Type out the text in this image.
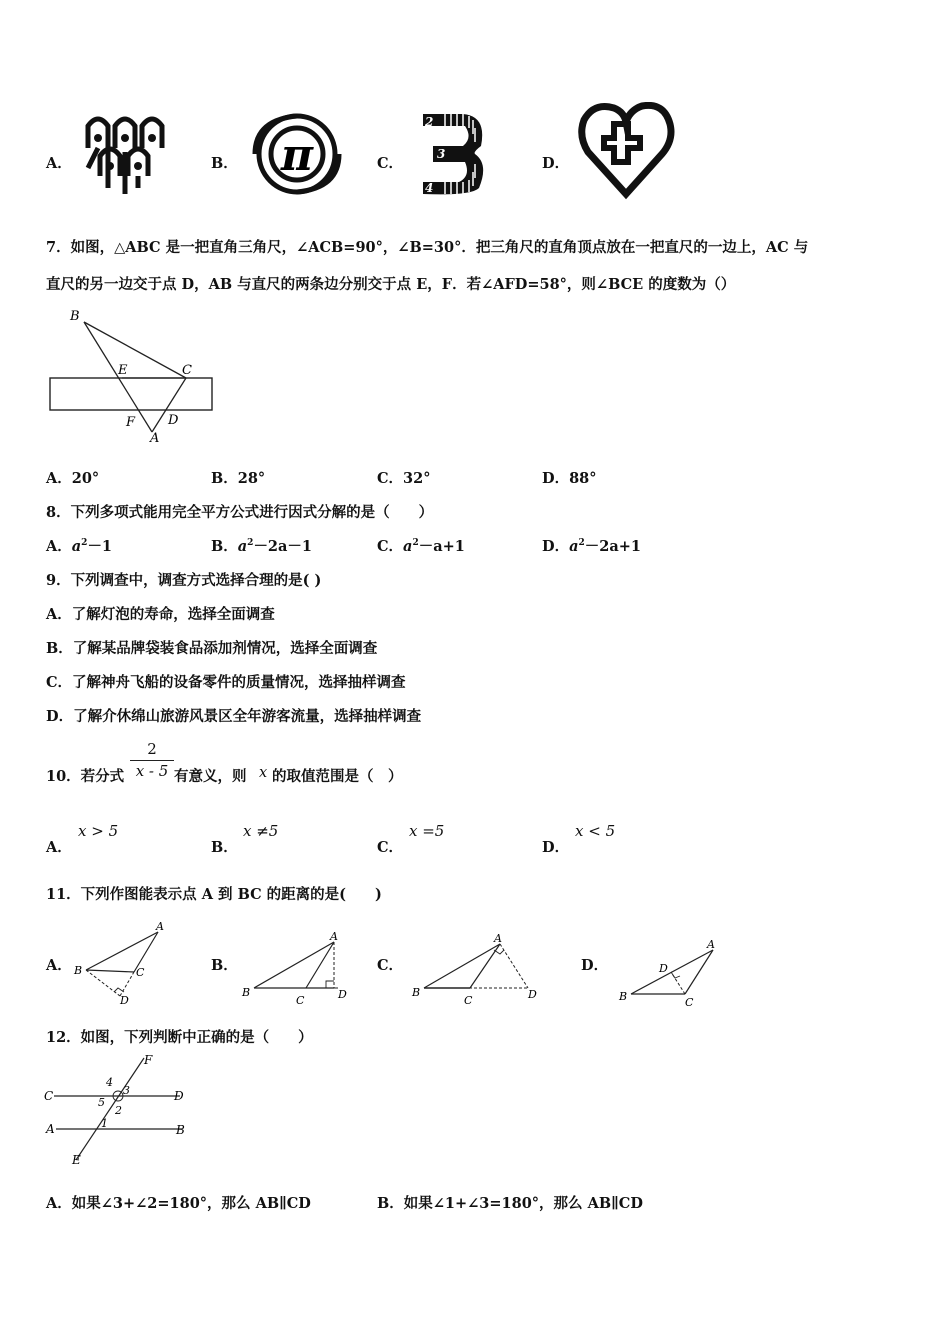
A．	B． π	C．
2
3
4
D．
7．如图，△ABC 是一把直角三角尺，∠ACB=90°，∠B=30°．把三角尺的直角顶点放在一把直尺的一边上，AC 与
直尺的另一边交于点 D，AB 与直尺的两条边分别交于点 E，F．若∠AFD=58°，则∠BCE 的度数为（）
B
E	C
F	D
A
A．20°	B．28°	C．32°	D．88°
8．下列多项式能用完全平方公式进行因式分解的是（　　）
A．$a^2-1$	B．$a^2-2a-1$	C．$a^2-a+1$	D．$a^2-2a+1$
9．下列调查中，调查方式选择合理的是( )
A．了解灯泡的寿命，选择全面调查
B．了解某品牌袋装食品添加剂情况，选择全面调查
C．了解神舟飞船的设备零件的质量情况，选择抽样调查
D．了解介休绵山旅游风景区全年游客流量，选择抽样调查
10．若分式
2
x - 5 有意义，则 x 的取值范围是（　）
A．
x > 5
B．
x ≠5
C．
x =5
D．
x < 5
11．下列作图能表示点 A 到 BC 的距离的是(　　)
A．
A
B	C
D
B．
A
B
C	D
C．
A
B
C	D
D．
A
B	C
D
12．如图，下列判断中正确的是（　　）
F
4
3
C	D
5
2
1
A	B
E
A．如果∠3+∠2=180°，那么 AB∥CD	B．如果∠1+∠3=180°，那么 AB∥CD
